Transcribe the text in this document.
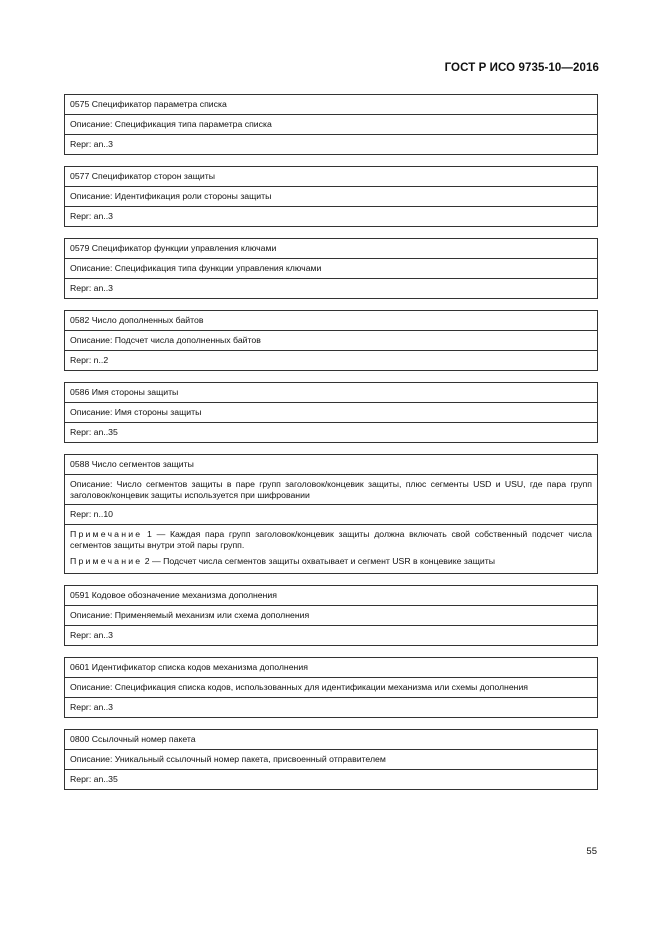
ГОСТ Р ИСО 9735-10—2016
0575 Спецификатор параметра списка
Описание: Спецификация типа параметра списка
Repr: an..3
0577 Спецификатор сторон защиты
Описание: Идентификация роли стороны защиты
Repr: an..3
0579 Спецификатор функции управления ключами
Описание: Спецификация типа функции управления ключами
Repr: an..3
0582 Число дополненных байтов
Описание: Подсчет числа дополненных байтов
Repr: n..2
0586 Имя стороны защиты
Описание: Имя стороны защиты
Repr: an..35
0588 Число сегментов защиты
Описание: Число сегментов защиты в паре групп заголовок/концевик защиты, плюс сегменты USD и USU, где пара групп заголовок/концевик защиты используется при шифровании
Repr: n..10
Примечание 1 — Каждая пара групп заголовок/концевик защиты должна включать свой собственный подсчет числа сегментов защиты внутри этой пары групп.
Примечание 2 — Подсчет числа сегментов защиты охватывает и сегмент USR в концевике защиты
0591 Кодовое обозначение механизма дополнения
Описание: Применяемый механизм или схема дополнения
Repr: an..3
0601 Идентификатор списка кодов механизма дополнения
Описание: Спецификация списка кодов, использованных для идентификации механизма или схемы дополнения
Repr: an..3
0800 Ссылочный номер пакета
Описание: Уникальный ссылочный номер пакета, присвоенный отправителем
Repr: an..35
55
